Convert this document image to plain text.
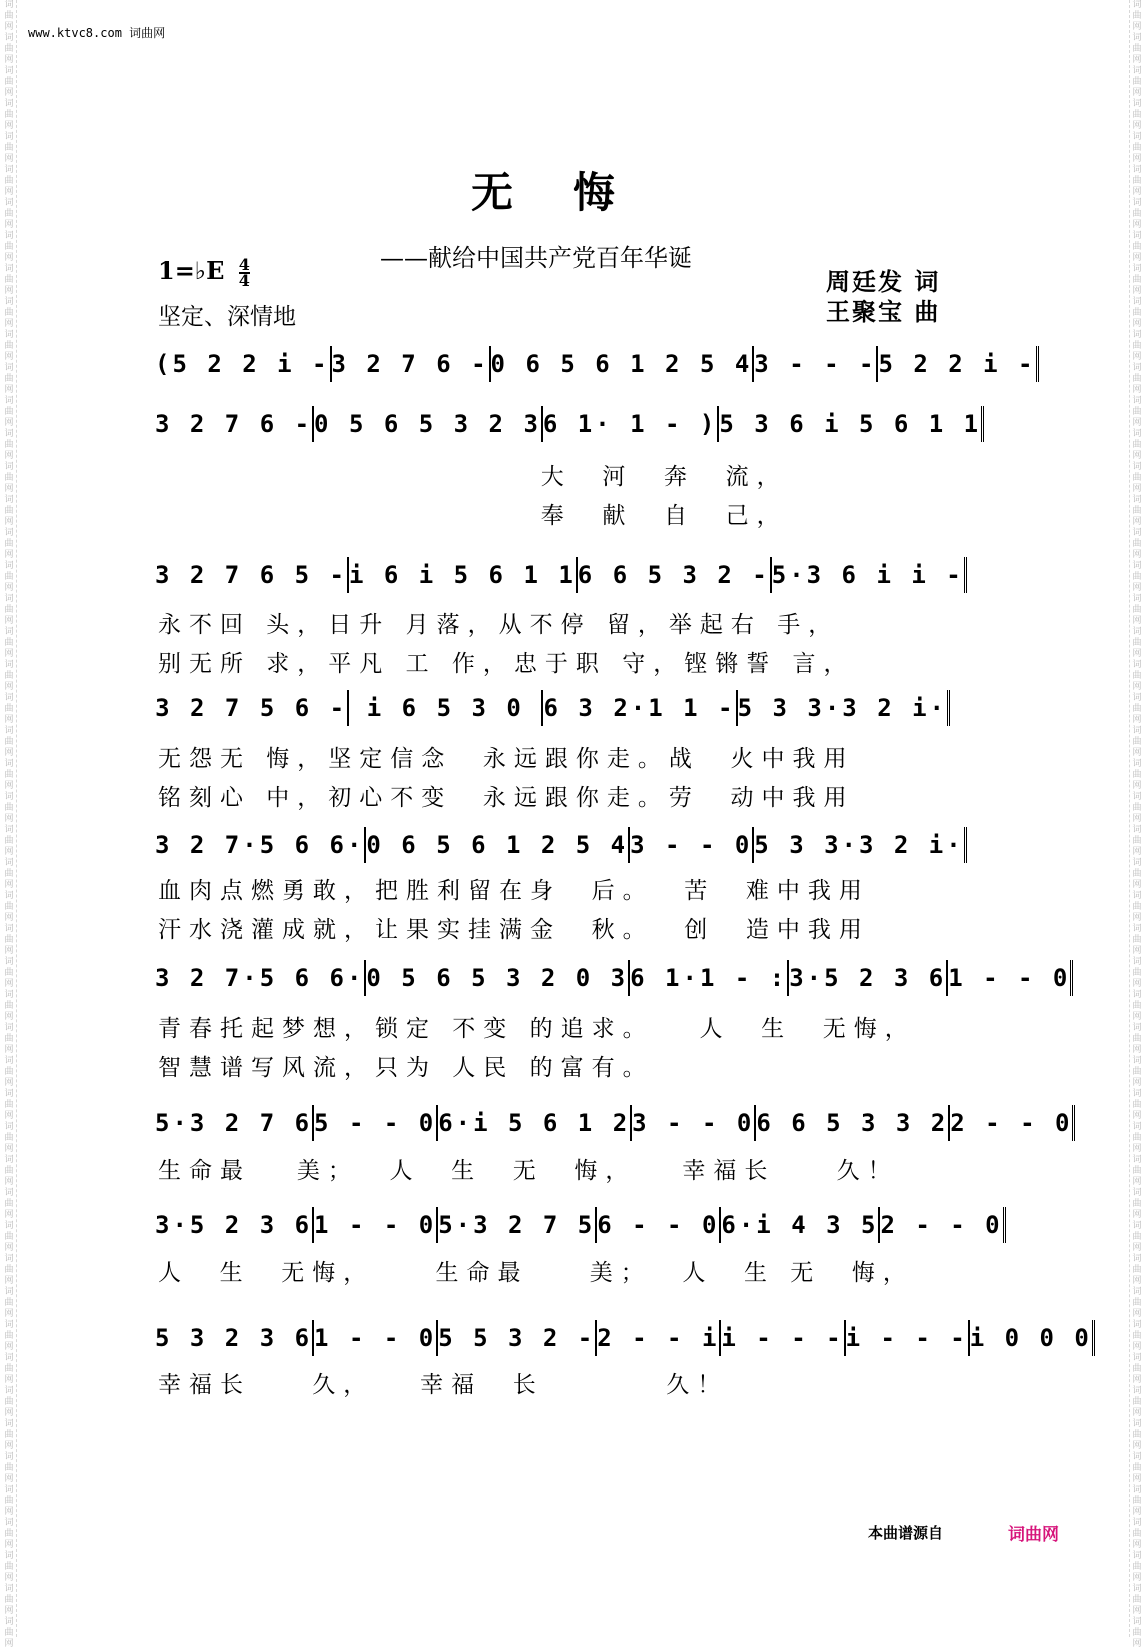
词曲网
词曲网
词曲网
词曲网
词曲网
词曲网
词曲网
词曲网
词曲网
词曲网
词曲网
词曲网
词曲网
词曲网
词曲网
词曲网
词曲网
词曲网
词曲网
词曲网
词曲网
词曲网
词曲网
词曲网
词曲网
词曲网
词曲网
词曲网
词曲网
词曲网
词曲网
词曲网
词曲网
词曲网
词曲网
词曲网
词曲网
词曲网
词曲网
词曲网
词曲网
词曲网
词曲网
词曲网
词曲网
词曲网
词曲网
词曲网
词曲网
词曲网
词曲网
词曲网
词曲网
词曲网
词曲网
词曲网
词曲网
词曲网
词曲网
词曲网
词曲网
词曲网
词曲网
词曲网
词曲网
词曲网
词曲网
词曲网
词曲网
词曲网
词曲网
词曲网
词曲网
词曲网
词曲网
词曲网
词曲网
词曲网
词曲网
词曲网
词曲网
词曲网
词曲网
词曲网
词曲网
词曲网
词曲网
词曲网
词曲网
词曲网
词曲网
词曲网
词曲网
词曲网
词曲网
词曲网
词曲网
词曲网
词曲网
词曲网
www.ktvc8.com 词曲网
无悔
——献给中国共产党百年华诞
1=♭E $\frac{4}{4}$
坚定、深情地
周廷发 词
王聚宝 曲
(5 2 2 i - 3 2 7 6 - 0 6 5 6 1 2 5 4 3 - - - 5 2 2 i -
3 2 7 6 - 0 5 6 5 3 2 3 6 1· 1 - ) 5 3 6 i 5 6 1 1
3 2 7 6 5 - i 6 i 5 6 1 1 6 6 5 3 2 - 5·3 6 i i -
3 2 7 5 6 - i 6 5 3 0 6 3 2·1 1 - 5 3 3·3 2 i·
3 2 7·5 6 6· 0 6 5 6 1 2 5 4 3 - - 0 5 3 3·3 2 i·
3 2 7·5 6 6· 0 5 6 5 3 2 0 3 6 1·1 - : 3·5 2 3 6 1 - - 0
5·3 2 7 6 5 - - 0 6·i 5 6 1 2 3 - - 0 6 6 5 3 3 2 2 - - 0
3·5 2 3 6 1 - - 0 5·3 2 7 5 6 - - 0 6·i 4 3 5 2 - - 0
5 3 2 3 6 1 - - 0 5 5 3 2 - 2 - - i i - - - i - - - i 0 0 0
大  河  奔  流，
奉  献  自  己，
永不回 头，日升 月落，从不停 留，举起右 手，
别无所 求，平凡 工 作，忠于职 守，铿锵誓 言，
无怨无 悔，坚定信念  永远跟你走。战  火中我用
铭刻心 中，初心不变  永远跟你走。劳  动中我用
血肉点燃勇敢，把胜利留在身  后。  苦  难中我用
汗水浇灌成就，让果实挂满金  秋。  创  造中我用
青春托起梦想，锁定 不变 的追求。   人  生  无悔，
智慧谱写风流，只为 人民 的富有。
生命最   美；  人  生  无  悔，   幸福长    久！
人  生  无悔，    生命最    美；  人  生 无  悔，
幸福长    久，   幸福  长        久！
本曲谱源自	词曲网
